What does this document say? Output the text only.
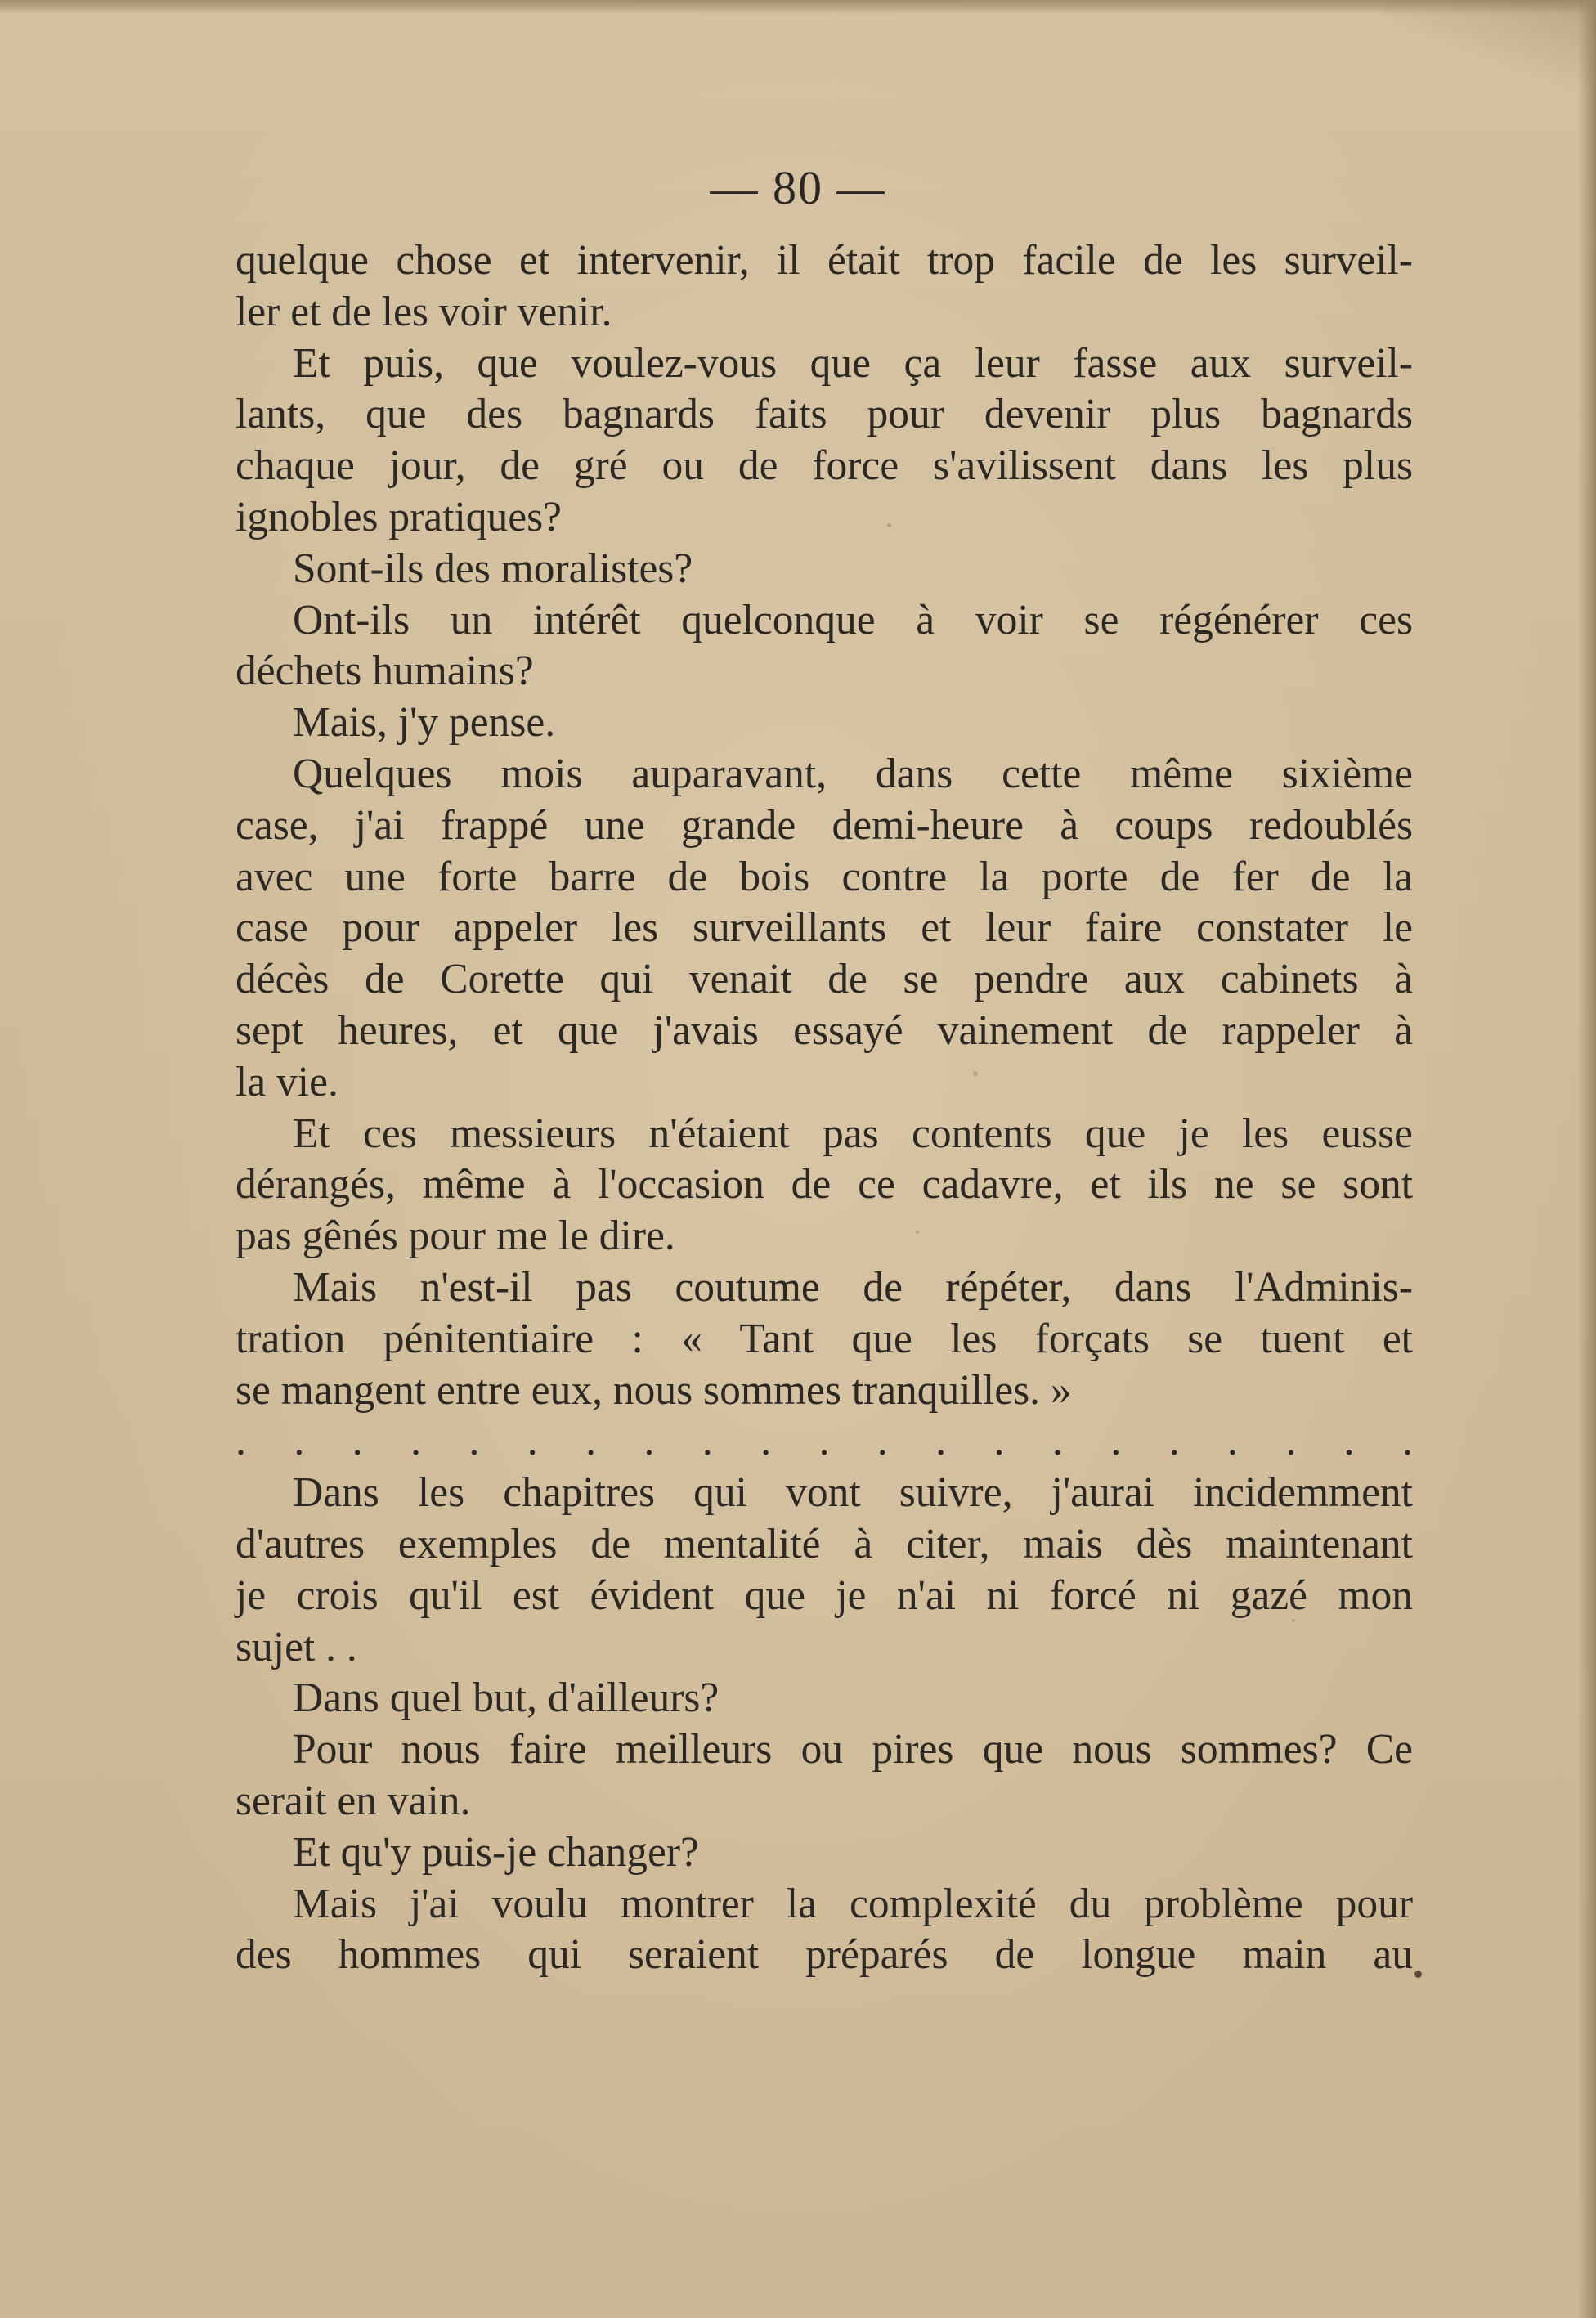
— 80 —
quelque chose et intervenir, il était trop facile de les surveil-
ler et de les voir venir.
Et puis, que voulez-vous que ça leur fasse aux surveil-
lants, que des bagnards faits pour devenir plus bagnards
chaque jour, de gré ou de force s'avilissent dans les plus
ignobles pratiques?
Sont-ils des moralistes?
Ont-ils un intérêt quelconque à voir se régénérer ces
déchets humains?
Mais, j'y pense.
Quelques mois auparavant, dans cette même sixième
case, j'ai frappé une grande demi-heure à coups redoublés
avec une forte barre de bois contre la porte de fer de la
case pour appeler les surveillants et leur faire constater le
décès de Corette qui venait de se pendre aux cabinets à
sept heures, et que j'avais essayé vainement de rappeler à
la vie.
Et ces messieurs n'étaient pas contents que je les eusse
dérangés, même à l'occasion de ce cadavre, et ils ne se sont
pas gênés pour me le dire.
Mais n'est-il pas coutume de répéter, dans l'Adminis-
tration pénitentiaire : « Tant que les forçats se tuent et
se mangent entre eux, nous sommes tranquilles. »
. . . . . . . . . . . . . . . . . . . . .
Dans les chapitres qui vont suivre, j'aurai incidemment
d'autres exemples de mentalité à citer, mais dès maintenant
je crois qu'il est évident que je n'ai ni forcé ni gazé mon
sujet . .
Dans quel but, d'ailleurs?
Pour nous faire meilleurs ou pires que nous sommes? Ce
serait en vain.
Et qu'y puis-je changer?
Mais j'ai voulu montrer la complexité du problème pour
des hommes qui seraient préparés de longue main au
